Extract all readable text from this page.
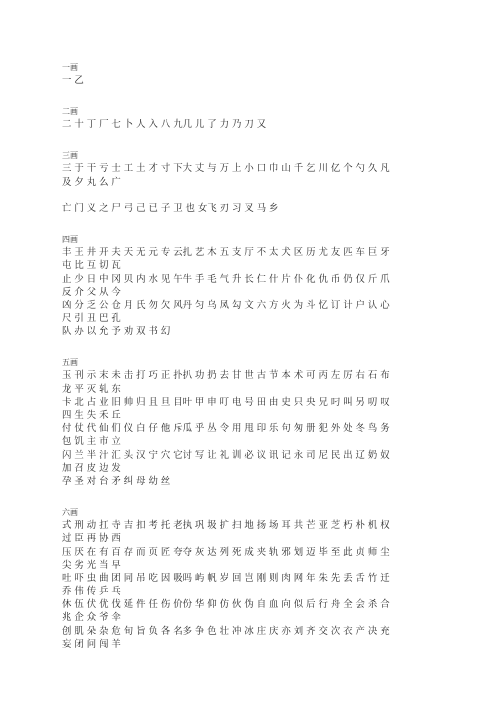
一画
一 乙
二画
二 十 丁 厂 七 卜 人 入 八 九几 儿 了 力 乃 刀 又
三画
三 于 干 亏 士 工 土 才 寸 下大 丈 与 万 上 小 口 巾 山 千 乞 川 亿 个 勺 久 凡
及 夕 丸 么 广
亡 门 义 之 尸 弓 己 已 子 卫 也 女飞 刃 习 叉 马 乡
四画
丰 王 井 开 夫 天 无 元 专 云扎 艺 木 五 支 厅 不 太 犬 区 历 尤 友 匹 车 巨 牙
屯 比 互 切 瓦
止 少 日 中 冈 贝 内 水 见 午牛 手 毛 气 升 长 仁 什 片 仆 化 仇 币 仍 仅 斤 爪
反 介 父 从 今
凶 分 乏 公 仓 月 氏 勿 欠 风丹 匀 乌 凤 勾 文 六 方 火 为 斗 忆 订 计 户 认 心
尺 引 丑 巴 孔
队 办 以 允 予 劝 双 书 幻
五画
玉 刊 示 末 未 击 打 巧 正 扑扒 功 扔 去 甘 世 古 节 本 术 可 丙 左 厉 右 石 布
龙 平 灭 轧 东
卡 北 占 业 旧 帅 归 且 旦 目叶 甲 申 叮 电 号 田 由 史 只 央 兄 叼 叫 另 叨 叹
四 生 失 禾 丘
付 仗 代 仙 们 仪 白 仔 他 斥瓜 乎 丛 令 用 甩 印 乐 句 匆 册 犯 外 处 冬 鸟 务
包 饥 主 市 立
闪 兰 半 汁 汇 头 汉 宁 穴 它讨 写 让 礼 训 必 议 讯 记 永 司 尼 民 出 辽 奶 奴
加 召 皮 边 发
孕 圣 对 台 矛 纠 母 幼 丝
六画
式 刑 动 扛 寺 吉 扣 考 托 老执 巩 圾 扩 扫 地 扬 场 耳 共 芒 亚 芝 朽 朴 机 权
过 臣 再 协 西
压 厌 在 有 百 存 而 页 匠 夸夺 灰 达 列 死 成 夹 轨 邪 划 迈 毕 至 此 贞 师 尘
尖 劣 光 当 早
吐 吓 虫 曲 团 同 吊 吃 因 吸吗 屿 帆 岁 回 岂 刚 则 肉 网 年 朱 先 丢 舌 竹 迁
乔 伟 传 乒 乓
休 伍 伏 优 伐 延 件 任 伤 价份 华 仰 仿 伙 伪 自 血 向 似 后 行 舟 全 会 杀 合
兆 企 众 爷 伞
创 肌 朵 杂 危 旬 旨 负 各 名多 争 色 壮 冲 冰 庄 庆 亦 刘 齐 交 次 衣 产 决 充
妄 闭 问 闯 羊
